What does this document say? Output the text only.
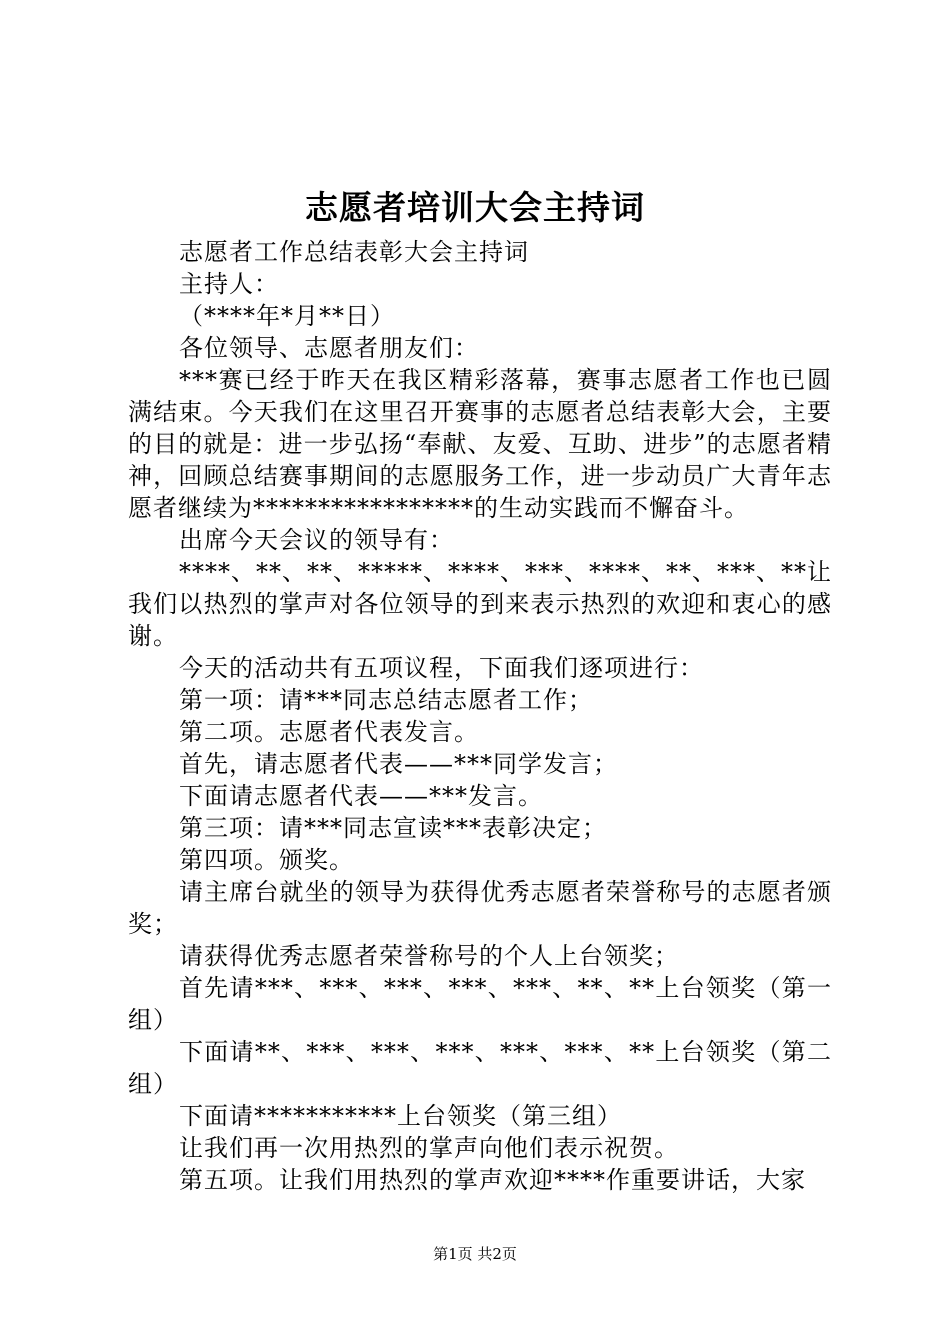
志愿者培训大会主持词

志愿者工作总结表彰大会主持词

主持人：

（****年*月**日）

各位领导、志愿者朋友们：

***赛已经于昨天在我区精彩落幕，赛事志愿者工作也已圆满结束。今天我们在这里召开赛事的志愿者总结表彰大会，主要的目的就是：进一步弘扬“奉献、友爱、互助、进步”的志愿者精神，回顾总结赛事期间的志愿服务工作，进一步动员广大青年志愿者继续为*****************的生动实践而不懈奋斗。

出席今天会议的领导有：

****、**、**、*****、****、***、****、**、***、**让我们以热烈的掌声对各位领导的到来表示热烈的欢迎和衷心的感谢。

今天的活动共有五项议程，下面我们逐项进行：

第一项：请***同志总结志愿者工作；

第二项。志愿者代表发言。

首先，请志愿者代表——***同学发言；

下面请志愿者代表——***发言。

第三项：请***同志宣读***表彰决定；

第四项。颁奖。

请主席台就坐的领导为获得优秀志愿者荣誉称号的志愿者颁奖；

请获得优秀志愿者荣誉称号的个人上台领奖；

首先请***、***、***、***、***、**、**上台领奖（第一组）

下面请**、***、***、***、***、***、**上台领奖（第二组）

下面请***********上台领奖（第三组）

让我们再一次用热烈的掌声向他们表示祝贺。

第五项。让我们用热烈的掌声欢迎****作重要讲话，大家

第1页 共2页
